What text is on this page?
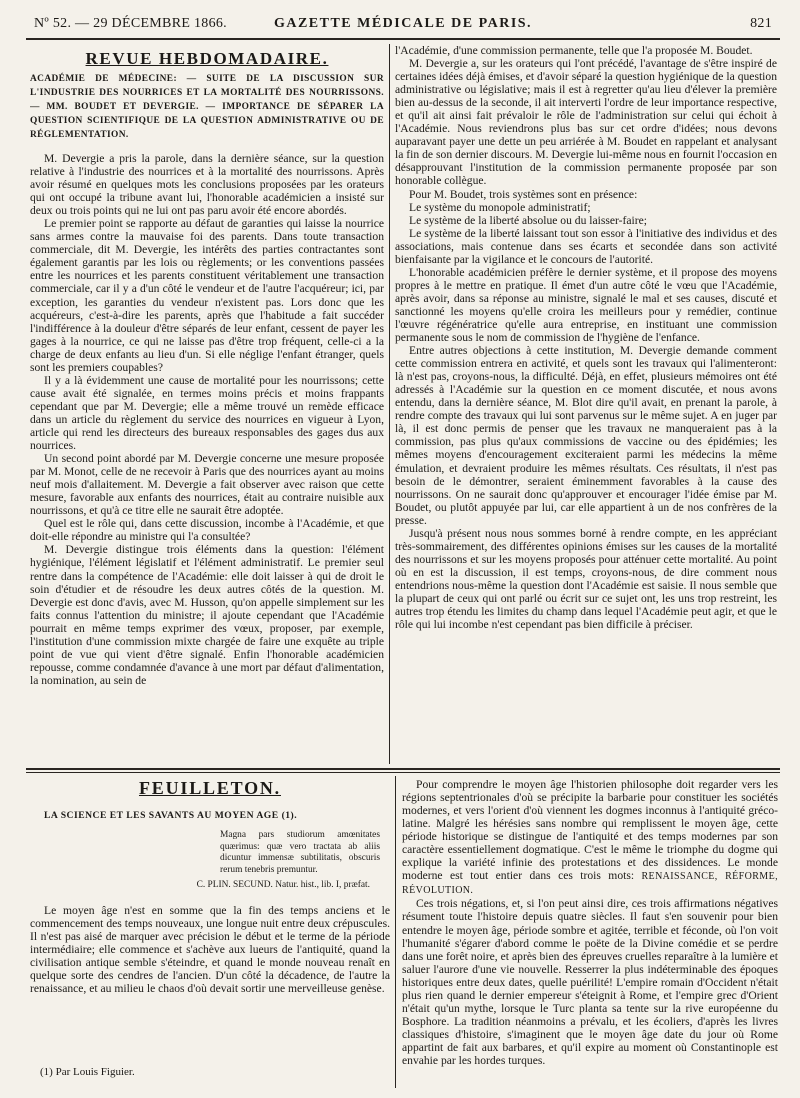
Nº 52. — 29 DÉCEMBRE 1866.	GAZETTE MÉDICALE DE PARIS.	821
REVUE HEBDOMADAIRE.
ACADÉMIE DE MÉDECINE: — SUITE DE LA DISCUSSION SUR L'INDUSTRIE DES NOURRICES ET LA MORTALITÉ DES NOURRISSONS. — MM. BOUDET ET DEVERGIE. — IMPORTANCE DE SÉPARER LA QUESTION SCIENTIFIQUE DE LA QUESTION ADMINISTRATIVE OU DE RÉGLEMENTATION.

M. Devergie a pris la parole, dans la dernière séance, sur la question relative à l'industrie des nourrices et à la mortalité des nourrissons. Après avoir résumé en quelques mots les conclusions proposées par les orateurs qui ont occupé la tribune avant lui, l'honorable académicien a insisté sur deux ou trois points qui ne lui ont pas paru avoir été encore abordés.

Le premier point se rapporte au défaut de garanties qui laisse la nourrice sans armes contre la mauvaise foi des parents. Dans toute transaction commerciale, dit M. Devergie, les intérêts des parties contractantes sont également garantis par les lois ou règlements; or les conventions passées entre les nourrices et les parents constituent véritablement une transaction commerciale, car il y a d'un côté le vendeur et de l'autre l'acquéreur; ici, par exception, les garanties du vendeur n'existent pas. Lors donc que les acquéreurs, c'est-à-dire les parents, après que l'habitude a fait succéder l'indifférence à la douleur d'être séparés de leur enfant, cessent de payer les gages à la nourrice, ce qui ne laisse pas d'être trop fréquent, celle-ci a la charge de deux enfants au lieu d'un. Si elle néglige l'enfant étranger, quels sont les premiers coupables?

Il y a là évidemment une cause de mortalité pour les nourrissons; cette cause avait été signalée, en termes moins précis et moins frappants cependant que par M. Devergie; elle a même trouvé un remède efficace dans un article du règlement du service des nourrices en vigueur à Lyon, article qui rend les directeurs des bureaux responsables des gages dus aux nourrices.

Un second point abordé par M. Devergie concerne une mesure proposée par M. Monot, celle de ne recevoir à Paris que des nourrices ayant au moins neuf mois d'allaitement. M. Devergie a fait observer avec raison que cette mesure, favorable aux enfants des nourrices, était au contraire nuisible aux nourrissons, et qu'à ce titre elle ne saurait être adoptée.

Quel est le rôle qui, dans cette discussion, incombe à l'Académie, et que doit-elle répondre au ministre qui l'a consultée?

M. Devergie distingue trois éléments dans la question: l'élément hygiénique, l'élément législatif et l'élément administratif. Le premier seul rentre dans la compétence de l'Académie: elle doit laisser à qui de droit le soin d'étudier et de résoudre les deux autres côtés de la question. M. Devergie est donc d'avis, avec M. Husson, qu'on appelle simplement sur les faits connus l'attention du ministre; il ajoute cependant que l'Académie pourrait en même temps exprimer des vœux, proposer, par exemple, l'institution d'une commission mixte chargée de faire une exquête au triple point de vue qui vient d'être signalé. Enfin l'honorable académicien repousse, comme condamnée d'avance à une mort par défaut d'alimentation, la nomination, au sein de

l'Académie, d'une commission permanente, telle que l'a proposée M. Boudet.

M. Devergie a, sur les orateurs qui l'ont précédé, l'avantage de s'être inspiré de certaines idées déjà émises, et d'avoir séparé la question hygiénique de la question administrative ou législative; mais il est à regretter qu'au lieu d'élever la première bien au-dessus de la seconde, il ait interverti l'ordre de leur importance respective, et qu'il ait ainsi fait prévaloir le rôle de l'administration sur celui qui échoit à l'Académie. Nous reviendrons plus bas sur cet ordre d'idées; nous devons auparavant payer une dette un peu arriérée à M. Boudet en rappelant et analysant la fin de son dernier discours. M. Devergie lui-même nous en fournit l'occasion en désapprouvant l'institution de la commission permanente proposée par son honorable collègue.

Pour M. Boudet, trois systèmes sont en présence:

Le système du monopole administratif;

Le système de la liberté absolue ou du laisser-faire;

Le système de la liberté laissant tout son essor à l'initiative des individus et des associations, mais contenue dans ses écarts et secondée dans son activité bienfaisante par la vigilance et le concours de l'autorité.

L'honorable académicien préfère le dernier système, et il propose des moyens propres à le mettre en pratique. Il émet d'un autre côté le vœu que l'Académie, après avoir, dans sa réponse au ministre, signalé le mal et ses causes, discuté et sanctionné les moyens qu'elle croira les meilleurs pour y remédier, continue l'œuvre régénératrice qu'elle aura entreprise, en instituant une commission permanente sous le nom de commission de l'hygiène de l'enfance.

Entre autres objections à cette institution, M. Devergie demande comment cette commission entrera en activité, et quels sont les travaux qui l'alimenteront: là n'est pas, croyons-nous, la difficulté. Déjà, en effet, plusieurs mémoires ont été adressés à l'Académie sur la question en ce moment discutée, et nous avons entendu, dans la dernière séance, M. Blot dire qu'il avait, en prenant la parole, à rendre compte des travaux qui lui sont parvenus sur le même sujet. A en juger par là, il est donc permis de penser que les travaux ne manqueraient pas à la commission, pas plus qu'aux commissions de vaccine ou des épidémies; les mêmes moyens d'encouragement exciteraient parmi les médecins la même émulation, et devraient produire les mêmes résultats. Ces résultats, il n'est pas besoin de le démontrer, seraient éminemment favorables à la cause des nourrissons. On ne saurait donc qu'approuver et encourager l'idée émise par M. Boudet, ou plutôt appuyée par lui, car elle appartient à un de nos confrères de la presse.

Jusqu'à présent nous nous sommes borné à rendre compte, en les appréciant très-sommairement, des différentes opinions émises sur les causes de la mortalité des nourrissons et sur les moyens proposés pour atténuer cette mortalité. Au point où en est la discussion, il est temps, croyons-nous, de dire comment nous entendrions nous-même la question dont l'Académie est saisie. Il nous semble que la plupart de ceux qui ont parlé ou écrit sur ce sujet ont, les uns trop restreint, les autres trop étendu les limites du champ dans lequel l'Académie peut agir, et que le rôle qui lui incombe n'est cependant pas bien difficile à préciser.

FEUILLETON.
LA SCIENCE ET LES SAVANTS AU MOYEN AGE (1).
Magna pars studiorum amœnitates quærimus: quæ vero tractata ab aliis dicuntur immensæ subtilitatis, obscuris rerum tenebris premuntur.
C. PLIN. SECUND. Natur. hist., lib. I, præfat.

Le moyen âge n'est en somme que la fin des temps anciens et le commencement des temps nouveaux, une longue nuit entre deux crépuscules. Il n'est pas aisé de marquer avec précision le début et le terme de la période intermédiaire; elle commence et s'achève aux lueurs de l'antiquité, quand la civilisation antique semble s'éteindre, et quand le monde nouveau renaît en quelque sorte des cendres de l'ancien. D'un côté la décadence, de l'autre la renaissance, et au milieu le chaos d'où devait sortir une merveilleuse genèse.

Pour comprendre le moyen âge l'historien philosophe doit regarder vers les régions septentrionales d'où se précipite la barbarie pour constituer les sociétés modernes, et vers l'orient d'où viennent les dogmes inconnus à l'antiquité gréco-latine. Malgré les hérésies sans nombre qui remplissent le moyen âge, cette période historique se distingue de l'antiquité et des temps modernes par son caractère essentiellement dogmatique. C'est le même le triomphe du dogme qui explique la variété infinie des protestations et des dissidences. Le monde moderne est tout entier dans ces trois mots: RENAISSANCE, RÉFORME, RÉVOLUTION.

Ces trois négations, et, si l'on peut ainsi dire, ces trois affirmations négatives résument toute l'histoire depuis quatre siècles. Il faut s'en souvenir pour bien entendre le moyen âge, période sombre et agitée, terrible et féconde, où l'on voit l'humanité s'égarer d'abord comme le poëte de la Divine comédie et se perdre dans une forêt noire, et après bien des épreuves cruelles reparaître à la lumière et saluer l'aurore d'une vie nouvelle. Resserrer la plus indéterminable des époques historiques entre deux dates, quelle puérilité! L'empire romain d'Occident n'était plus rien quand le dernier empereur s'éteignit à Rome, et l'empire grec d'Orient n'était qu'un mythe, lorsque le Turc planta sa tente sur la rive européenne du Bosphore. La tradition néanmoins a prévalu, et les écoliers, d'après les livres classiques d'histoire, s'imaginent que le moyen âge date du jour où Rome appartint de fait aux barbares, et qu'il expire au moment où Constantinople est envahie par les hordes turques.

(1) Par Louis Figuier.
